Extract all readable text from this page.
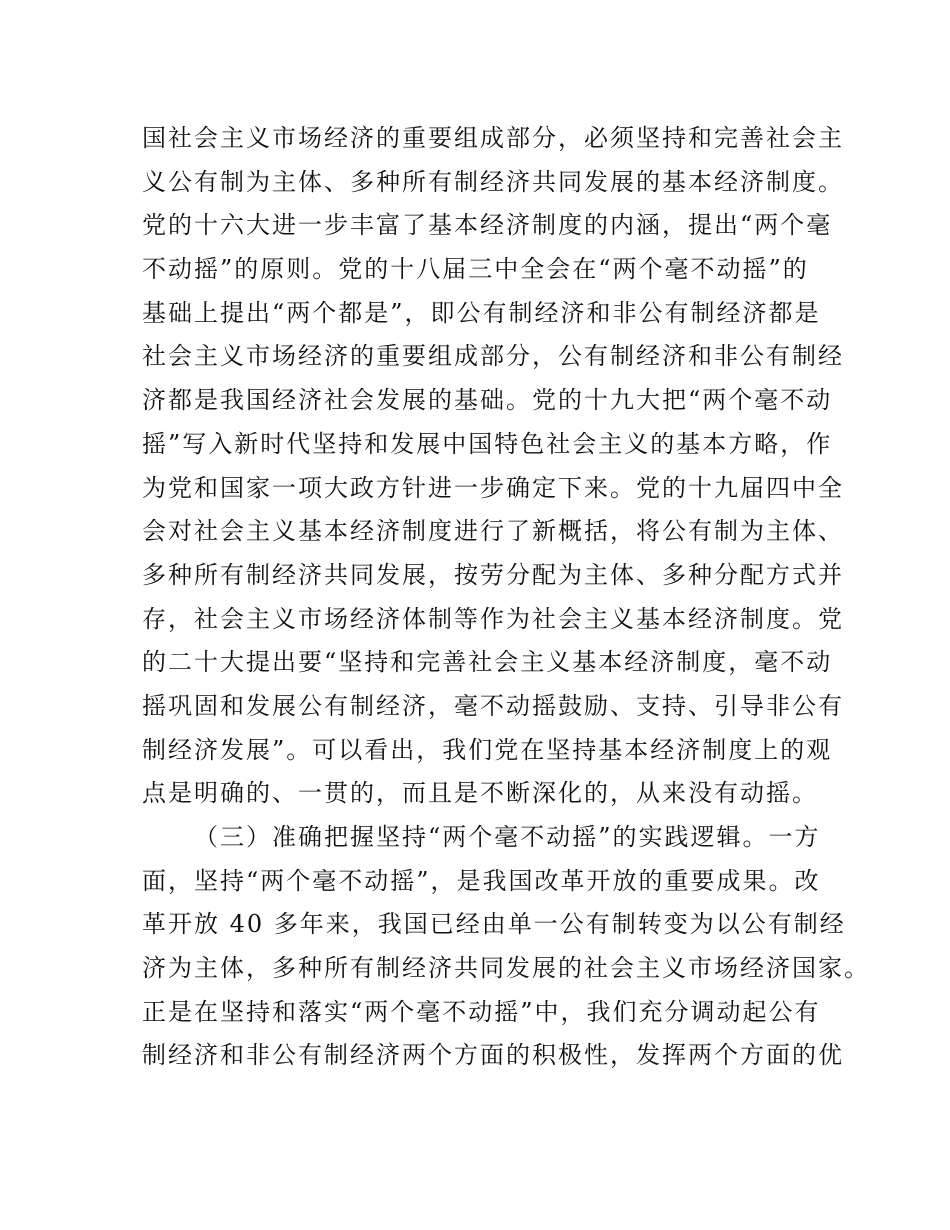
国社会主义市场经济的重要组成部分，必须坚持和完善社会主
义公有制为主体、多种所有制经济共同发展的基本经济制度。
党的十六大进一步丰富了基本经济制度的内涵，提出“两个毫
不动摇”的原则。党的十八届三中全会在“两个毫不动摇”的
基础上提出“两个都是”，即公有制经济和非公有制经济都是
社会主义市场经济的重要组成部分，公有制经济和非公有制经
济都是我国经济社会发展的基础。党的十九大把“两个毫不动
摇”写入新时代坚持和发展中国特色社会主义的基本方略，作
为党和国家一项大政方针进一步确定下来。党的十九届四中全
会对社会主义基本经济制度进行了新概括，将公有制为主体、
多种所有制经济共同发展，按劳分配为主体、多种分配方式并
存，社会主义市场经济体制等作为社会主义基本经济制度。党
的二十大提出要“坚持和完善社会主义基本经济制度，毫不动
摇巩固和发展公有制经济，毫不动摇鼓励、支持、引导非公有
制经济发展”。可以看出，我们党在坚持基本经济制度上的观
点是明确的、一贯的，而且是不断深化的，从来没有动摇。
（三）准确把握坚持“两个毫不动摇”的实践逻辑。一方
面，坚持“两个毫不动摇”，是我国改革开放的重要成果。改
革开放 40 多年来，我国已经由单一公有制转变为以公有制经
济为主体，多种所有制经济共同发展的社会主义市场经济国家。
正是在坚持和落实“两个毫不动摇”中，我们充分调动起公有
制经济和非公有制经济两个方面的积极性，发挥两个方面的优
